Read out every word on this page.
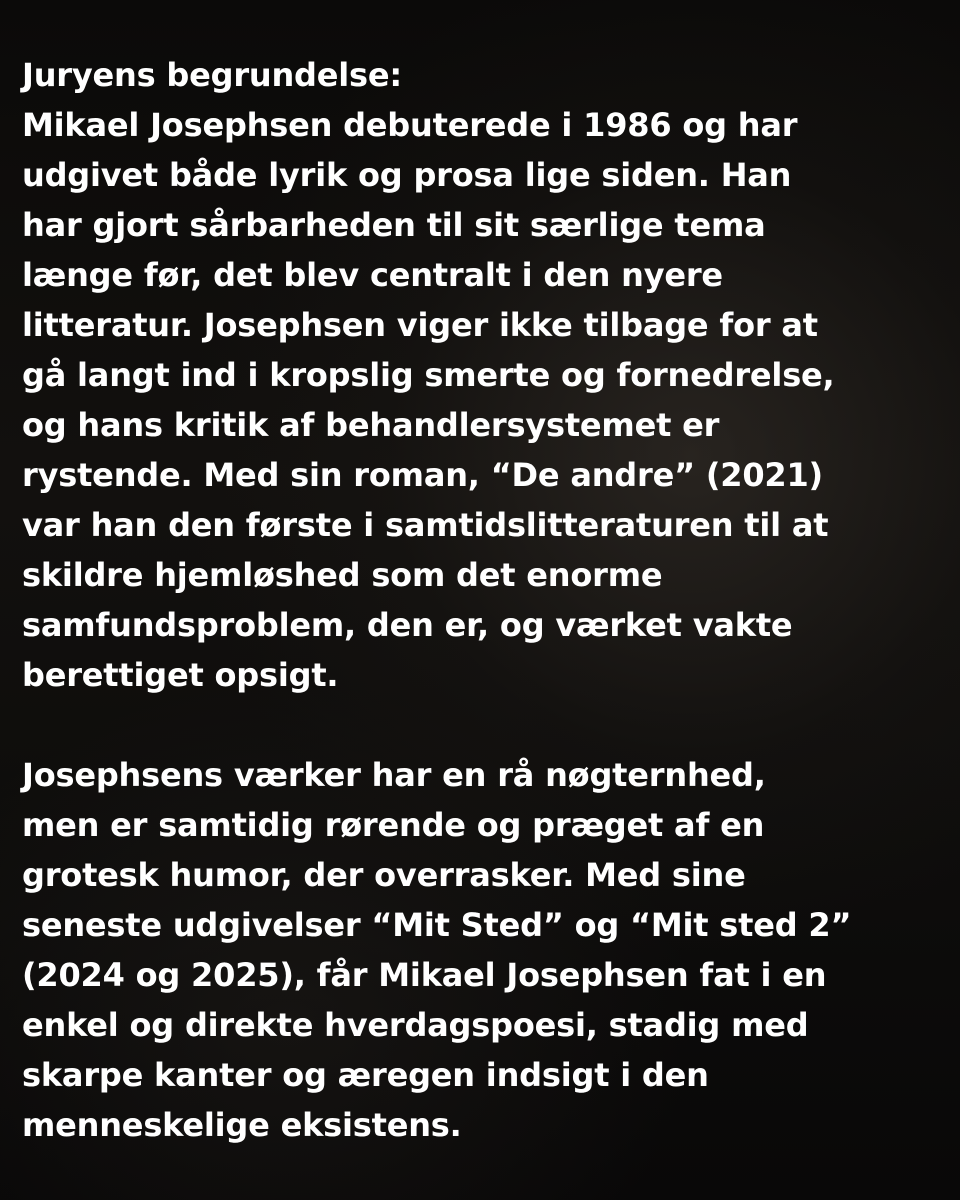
Juryens begrundelse:
Mikael Josephsen debuterede i 1986 og har
udgivet både lyrik og prosa lige siden. Han
har gjort sårbarheden til sit særlige tema
længe før, det blev centralt i den nyere
litteratur. Josephsen viger ikke tilbage for at
gå langt ind i kropslig smerte og fornedrelse,
og hans kritik af behandlersystemet er
rystende. Med sin roman, “De andre” (2021)
var han den første i samtidslitteraturen til at
skildre hjemløshed som det enorme
samfundsproblem, den er, og værket vakte
berettiget opsigt.
Josephsens værker har en rå nøgternhed,
men er samtidig rørende og præget af en
grotesk humor, der overrasker. Med sine
seneste udgivelser “Mit Sted” og “Mit sted 2”
(2024 og 2025), får Mikael Josephsen fat i en
enkel og direkte hverdagspoesi, stadig med
skarpe kanter og æregen indsigt i den
menneskelige eksistens.
